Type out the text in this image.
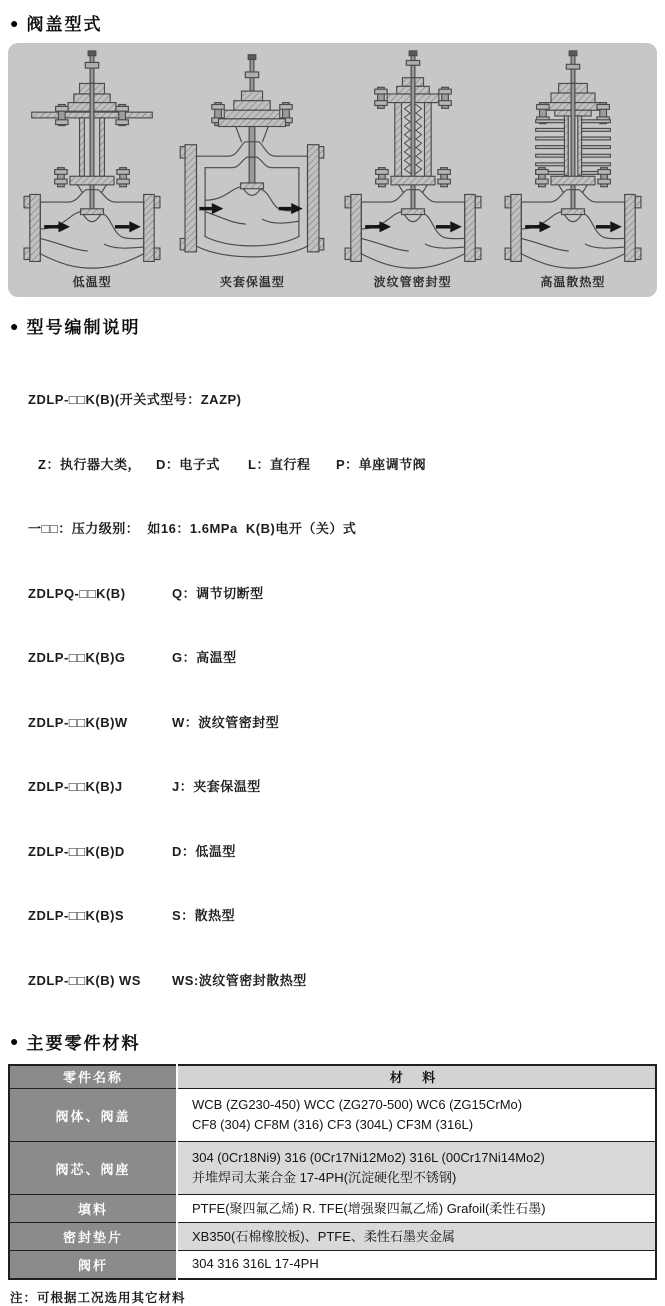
● 阀盖型式
低温型	夹套保温型	波纹管密封型	高温散热型
● 型号编制说明

ZDLP-□□K(B)(开关式型号：ZAZP)

Z：执行器大类，	D：电子式	L：直行程	P：单座调节阀

一□□：压力级别：  如16：1.6MPa  K(B)电开（关）式

ZDLPQ-□□K(B)	Q：调节切断型

ZDLP-□□K(B)G	G：高温型

ZDLP-□□K(B)W	W：波纹管密封型

ZDLP-□□K(B)J	J：夹套保温型

ZDLP-□□K(B)D	D：低温型

ZDLP-□□K(B)S	S：散热型

ZDLP-□□K(B) WS	WS:波纹管密封散热型

● 主要零件材料
零件名称	材 料
阀体、阀盖	WCB (ZG230-450) WCC (ZG270-500) WC6 (ZG15CrMo)
CF8 (304) CF8M (316) CF3 (304L) CF3M (316L)

阀芯、阀座	304 (0Cr18Ni9) 316 (0Cr17Ni12Mo2) 316L (00Cr17Ni14Mo2)
并堆焊司太莱合金 17-4PH(沉淀硬化型不锈钢)

填料	PTFE(聚四氟乙烯) R. TFE(增强聚四氟乙烯) Grafoil(柔性石墨)

密封垫片	XB350(石棉橡胶板)、PTFE、柔性石墨夹金属

阀杆	304 316 316L 17-4PH
注：可根据工况选用其它材料
